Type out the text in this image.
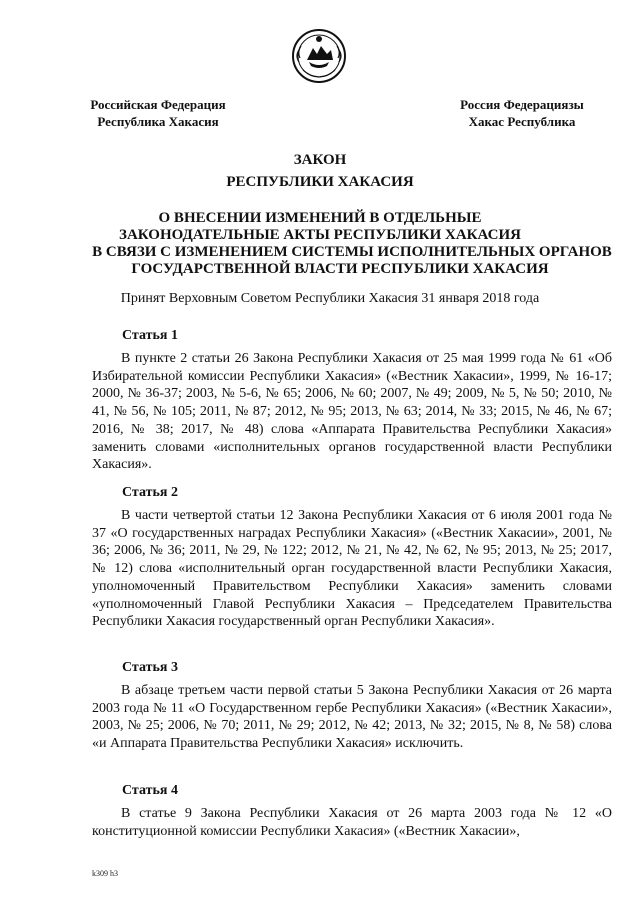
Российская Федерация
Республика Хакасия
Россия Федерациязы
Хакас Республика
ЗАКОН
РЕСПУБЛИКИ ХАКАСИЯ
О ВНЕСЕНИИ ИЗМЕНЕНИЙ В ОТДЕЛЬНЫЕ
ЗАКОНОДАТЕЛЬНЫЕ АКТЫ РЕСПУБЛИКИ ХАКАСИЯ
В СВЯЗИ С ИЗМЕНЕНИЕМ СИСТЕМЫ ИСПОЛНИТЕЛЬНЫХ ОРГАНОВ
ГОСУДАРСТВЕННОЙ ВЛАСТИ РЕСПУБЛИКИ ХАКАСИЯ
Принят Верховным Советом Республики Хакасия 31 января 2018 года
Статья 1

В пункте 2 статьи 26 Закона Республики Хакасия от 25 мая 1999 года № 61 «Об Избирательной комиссии Республики Хакасия» («Вестник Хакасии», 1999, № 16-17; 2000, № 36-37; 2003, № 5-6, № 65; 2006, № 60; 2007, № 49; 2009, № 5, № 50; 2010, № 41, № 56, № 105; 2011, № 87; 2012, № 95; 2013, № 63; 2014, № 33; 2015, № 46, № 67; 2016, № 38; 2017, № 48) слова «Аппарата Правительства Республики Хакасия» заменить словами «исполнительных органов государственной власти Республики Хакасия».

Статья 2

В части четвертой статьи 12 Закона Республики Хакасия от 6 июля 2001 года № 37 «О государственных наградах Республики Хакасия» («Вестник Хакасии», 2001, № 36; 2006, № 36; 2011, № 29, № 122; 2012, № 21, № 42, № 62, № 95; 2013, № 25; 2017, № 12) слова «исполнительный орган государственной власти Республики Хакасия, уполномоченный Правительством Республики Хакасия» заменить словами «уполномоченный Главой Республики Хакасия – Председателем Правительства Республики Хакасия государственный орган Республики Хакасия».

Статья 3

В абзаце третьем части первой статьи 5 Закона Республики Хакасия от 26 марта 2003 года № 11 «О Государственном гербе Республики Хакасия» («Вестник Хакасии», 2003, № 25; 2006, № 70; 2011, № 29; 2012, № 42; 2013, № 32; 2015, № 8, № 58) слова «и Аппарата Правительства Республики Хакасия» исключить.

Статья 4

В статье 9 Закона Республики Хакасия от 26 марта 2003 года № 12 «О конституционной комиссии Республики Хакасия» («Вестник Хакасии»,

k309 h3
